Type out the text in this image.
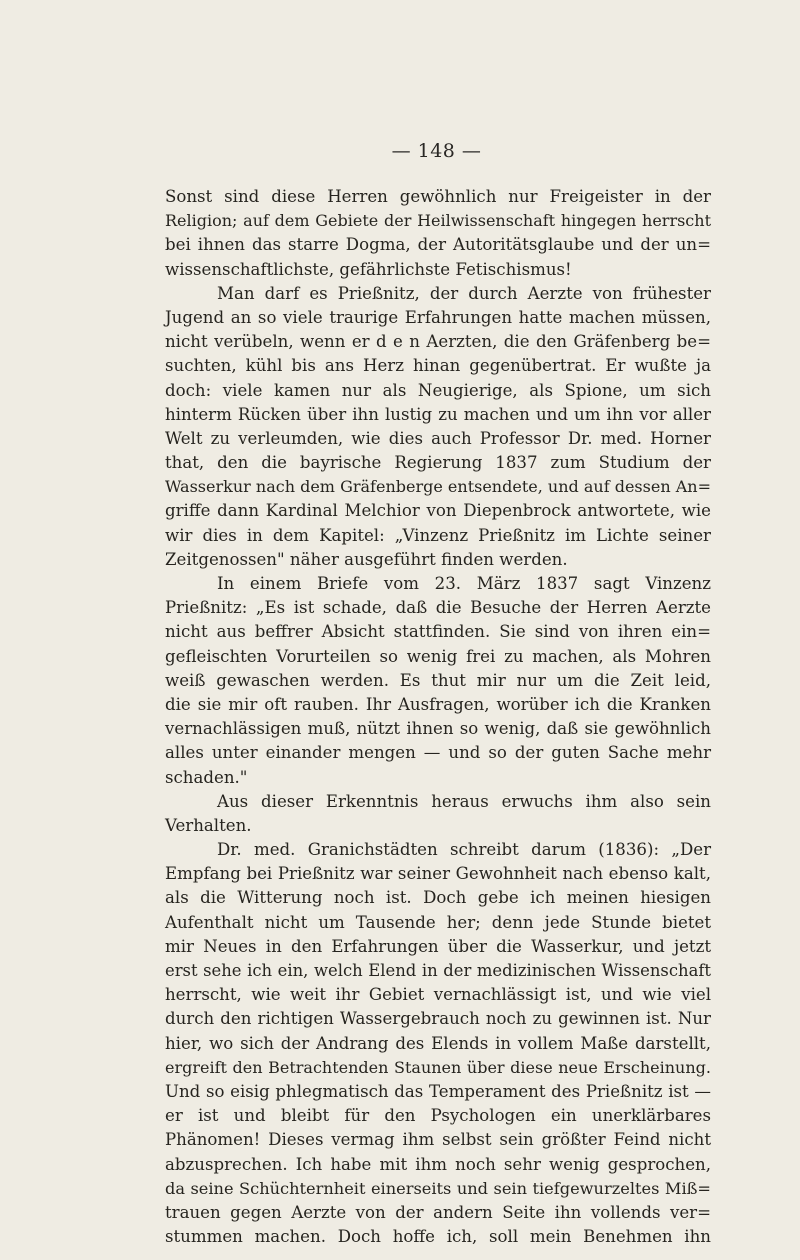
— 148 —
Sonst sind diese Herren gewöhnlich nur Freigeister in der
Religion; auf dem Gebiete der Heilwissenschaft hingegen herrscht
bei ihnen das starre Dogma, der Autoritätsglaube und der un=
wissenschaftlichste, gefährlichste Fetischismus!
Man darf es Prießnitz, der durch Aerzte von frühester
Jugend an so viele traurige Erfahrungen hatte machen müssen,
nicht verübeln, wenn er d e n Aerzten, die den Gräfenberg be=
suchten, kühl bis ans Herz hinan gegenübertrat. Er wußte ja
doch: viele kamen nur als Neugierige, als Spione, um sich
hinterm Rücken über ihn lustig zu machen und um ihn vor aller
Welt zu verleumden, wie dies auch Professor Dr. med. Horner
that, den die bayrische Regierung 1837 zum Studium der
Wasserkur nach dem Gräfenberge entsendete, und auf dessen An=
griffe dann Kardinal Melchior von Diepenbrock antwortete, wie
wir dies in dem Kapitel: „Vinzenz Prießnitz im Lichte seiner
Zeitgenossen" näher ausgeführt finden werden.
In einem Briefe vom 23. März 1837 sagt Vinzenz
Prießnitz: „Es ist schade, daß die Besuche der Herren Aerzte
nicht aus beffrer Absicht stattfinden. Sie sind von ihren ein=
gefleischten Vorurteilen so wenig frei zu machen, als Mohren
weiß gewaschen werden. Es thut mir nur um die Zeit leid,
die sie mir oft rauben. Ihr Ausfragen, worüber ich die Kranken
vernachlässigen muß, nützt ihnen so wenig, daß sie gewöhnlich
alles unter einander mengen — und so der guten Sache mehr
schaden."
Aus dieser Erkenntnis heraus erwuchs ihm also sein
Verhalten.
Dr. med. Granichstädten schreibt darum (1836): „Der
Empfang bei Prießnitz war seiner Gewohnheit nach ebenso kalt,
als die Witterung noch ist. Doch gebe ich meinen hiesigen
Aufenthalt nicht um Tausende her; denn jede Stunde bietet
mir Neues in den Erfahrungen über die Wasserkur, und jetzt
erst sehe ich ein, welch Elend in der medizinischen Wissenschaft
herrscht, wie weit ihr Gebiet vernachlässigt ist, und wie viel
durch den richtigen Wassergebrauch noch zu gewinnen ist. Nur
hier, wo sich der Andrang des Elends in vollem Maße darstellt,
ergreift den Betrachtenden Staunen über diese neue Erscheinung.
Und so eisig phlegmatisch das Temperament des Prießnitz ist —
er ist und bleibt für den Psychologen ein unerklärbares
Phänomen! Dieses vermag ihm selbst sein größter Feind nicht
abzusprechen. Ich habe mit ihm noch sehr wenig gesprochen,
da seine Schüchternheit einerseits und sein tiefgewurzeltes Miß=
trauen gegen Aerzte von der andern Seite ihn vollends ver=
stummen machen. Doch hoffe ich, soll mein Benehmen ihn
